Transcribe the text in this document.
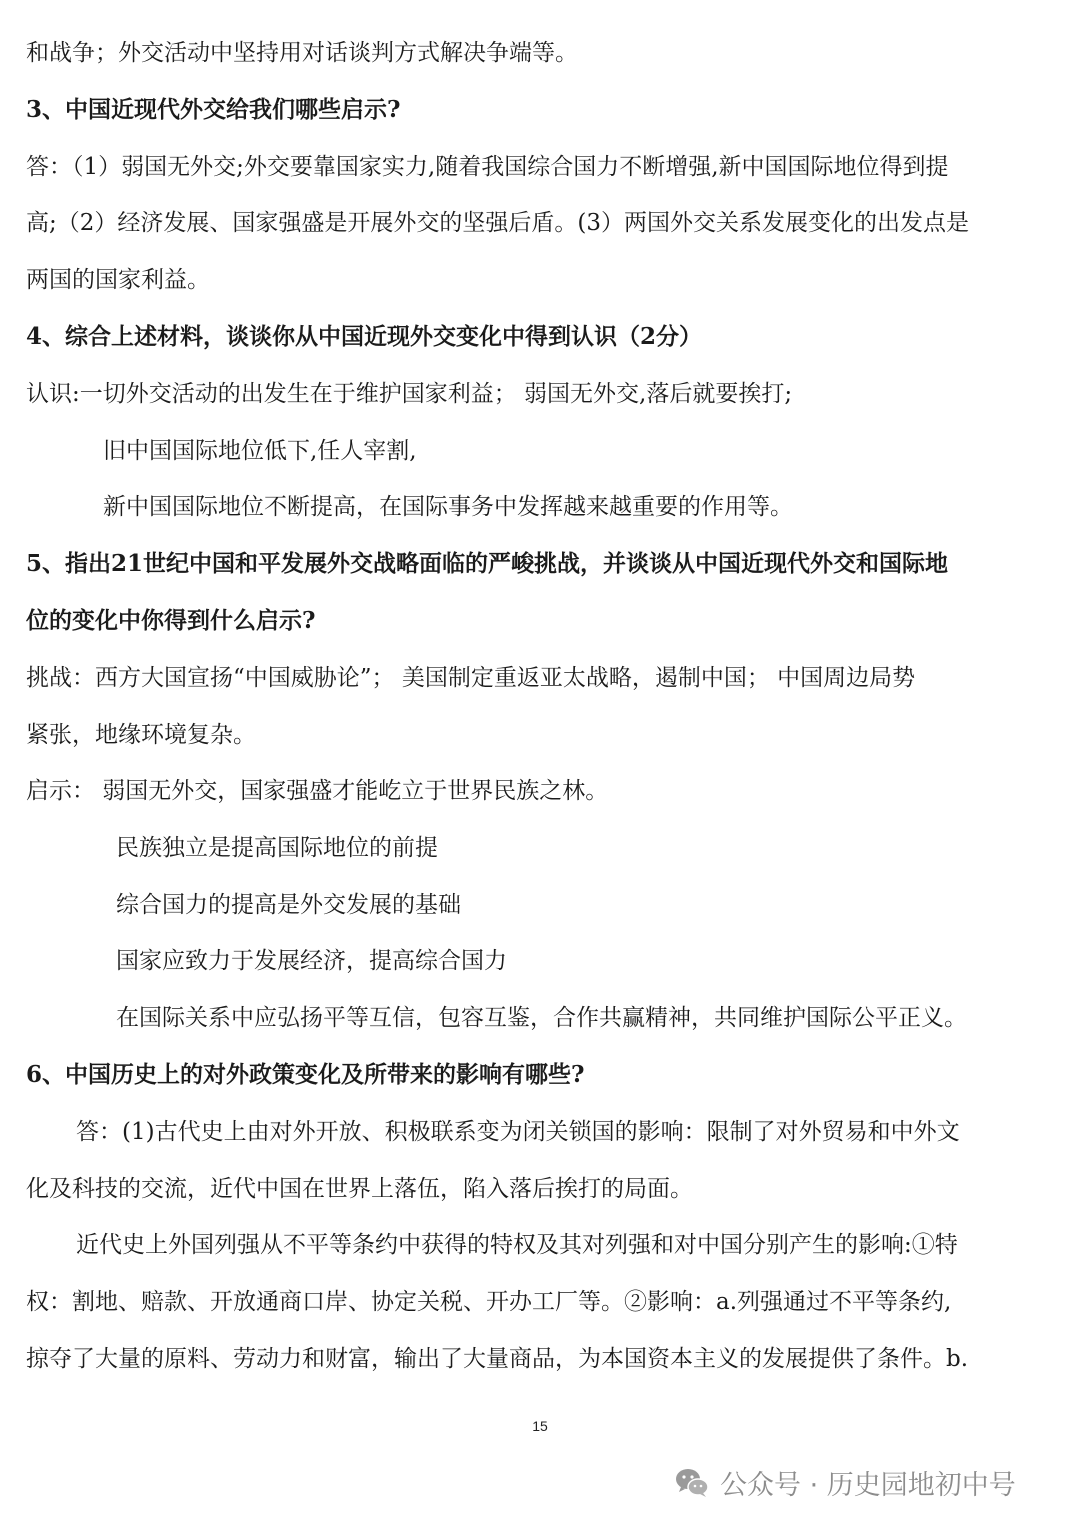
和战争；外交活动中坚持用对话谈判方式解决争端等。
3、中国近现代外交给我们哪些启示?
答：（1）弱国无外交;外交要靠国家实力,随着我国综合国力不断增强,新中国国际地位得到提
高;（2）经济发展、国家强盛是开展外交的坚强后盾。(3）两国外交关系发展变化的出发点是
两国的国家利益。
4、综合上述材料，谈谈你从中国近现外交变化中得到认识（2分）
认识:一切外交活动的出发生在于维护国家利益； 弱国无外交,落后就要挨打;
旧中国国际地位低下,任人宰割,
新中国国际地位不断提高，在国际事务中发挥越来越重要的作用等。
5、指出21世纪中国和平发展外交战略面临的严峻挑战，并谈谈从中国近现代外交和国际地
位的变化中你得到什么启示?
挑战：西方大国宣扬“中国威胁论”； 美国制定重返亚太战略，遏制中国； 中国周边局势
紧张，地缘环境复杂。
启示： 弱国无外交，国家强盛才能屹立于世界民族之林。
民族独立是提高国际地位的前提
综合国力的提高是外交发展的基础
国家应致力于发展经济，提高综合国力
在国际关系中应弘扬平等互信，包容互鉴，合作共赢精神，共同维护国际公平正义。
6、中国历史上的对外政策变化及所带来的影响有哪些?
答：(1)古代史上由对外开放、积极联系变为闭关锁国的影响：限制了对外贸易和中外文
化及科技的交流，近代中国在世界上落伍，陷入落后挨打的局面。
近代史上外国列强从不平等条约中获得的特权及其对列强和对中国分别产生的影响:①特
权：割地、赔款、开放通商口岸、协定关税、开办工厂等。②影响：a.列强通过不平等条约,
掠夺了大量的原料、劳动力和财富，输出了大量商品，为本国资本主义的发展提供了条件。b.
15
公众号 · 历史园地初中号
